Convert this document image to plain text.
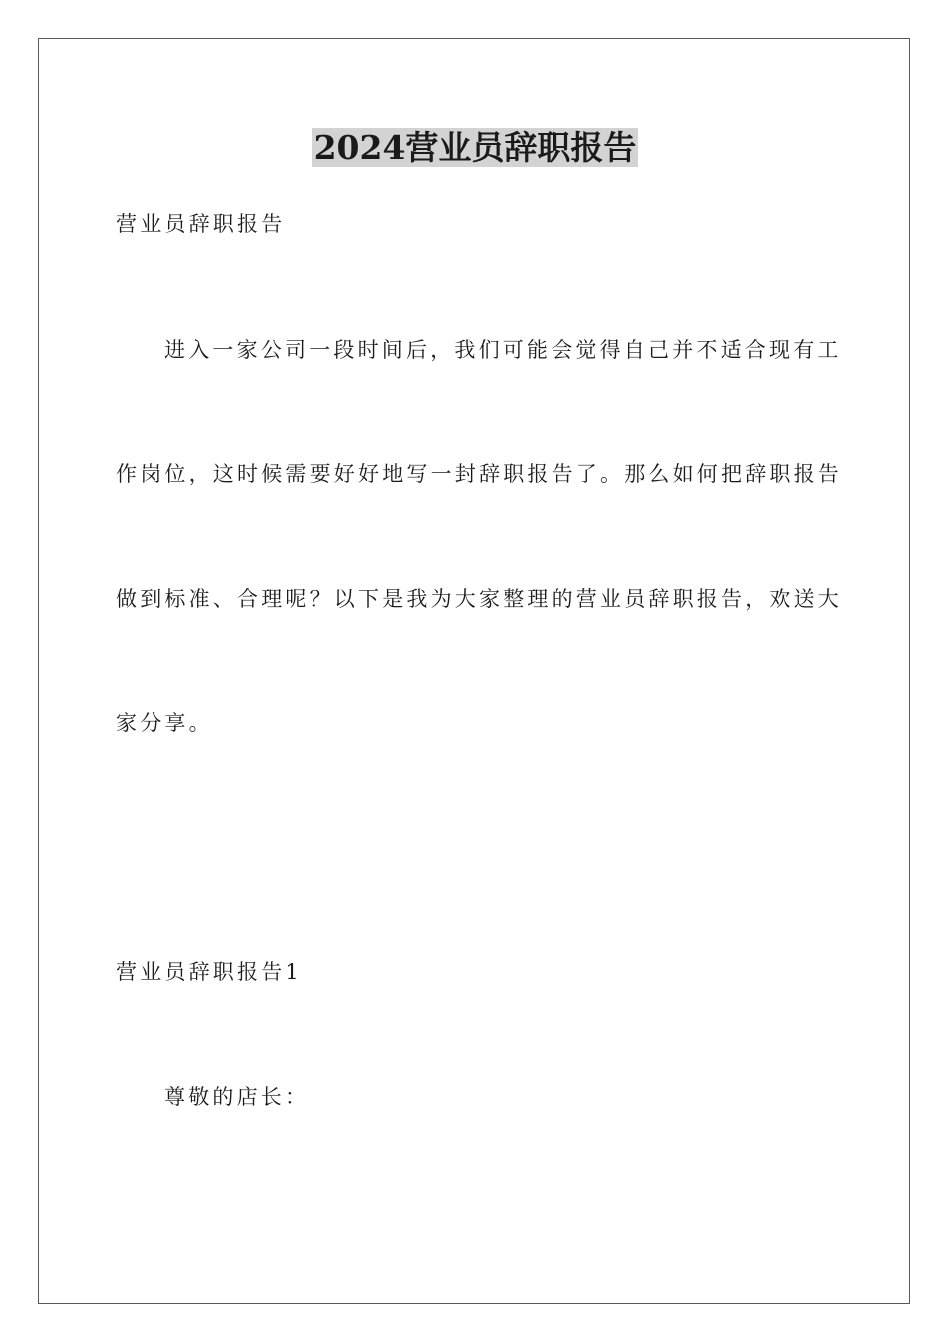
2024营业员辞职报告

营业员辞职报告

进入一家公司一段时间后，我们可能会觉得自己并不适合现有工

作岗位，这时候需要好好地写一封辞职报告了。那么如何把辞职报告

做到标准、合理呢？以下是我为大家整理的营业员辞职报告，欢送大

家分享。

营业员辞职报告1

尊敬的店长：
